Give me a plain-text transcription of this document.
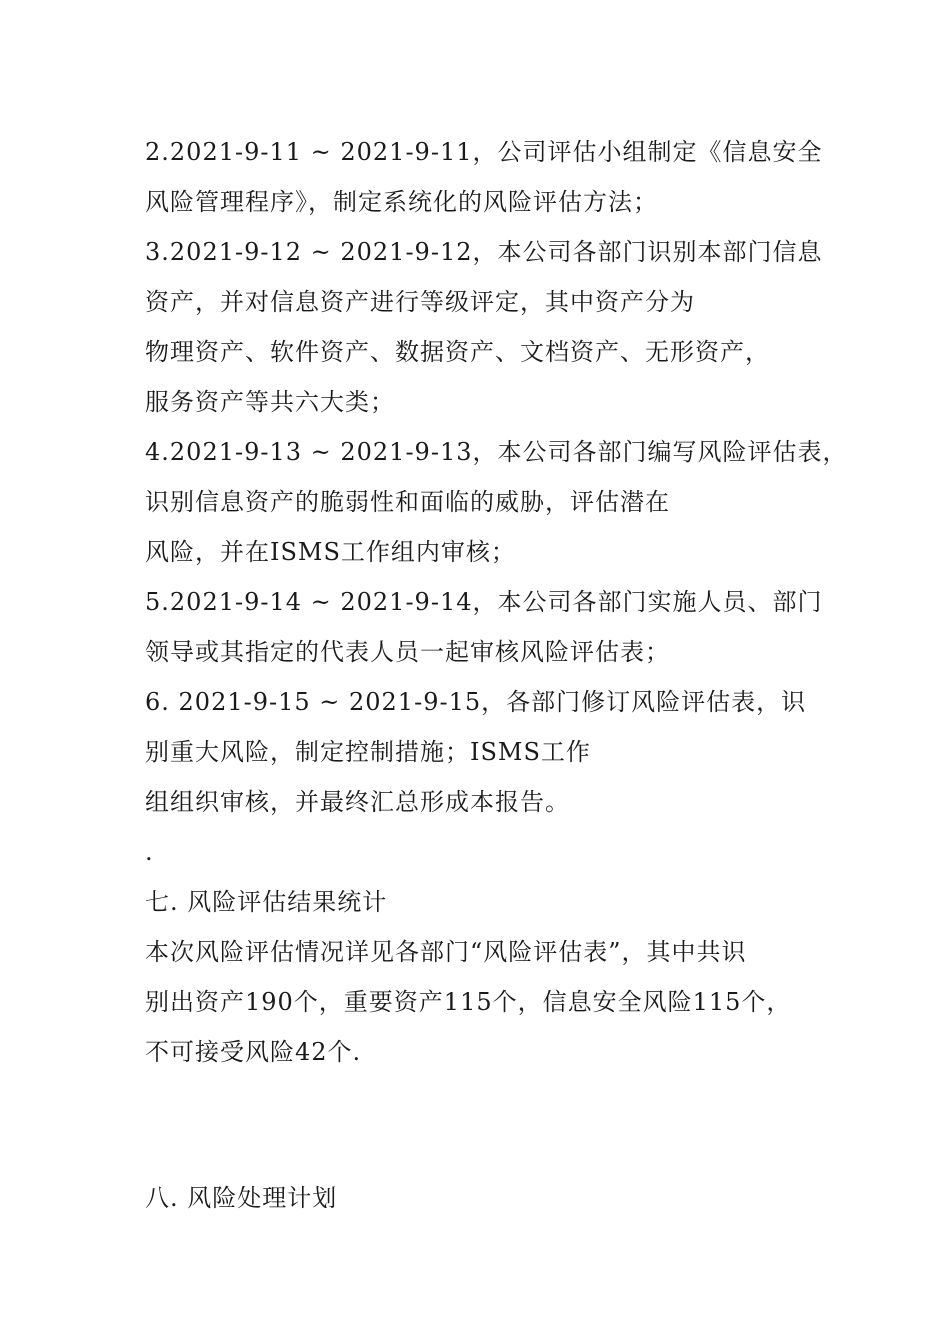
2.2021-9-11 ~ 2021-9-11，公司评估小组制定《信息安全
风险管理程序》，制定系统化的风险评估方法；
3.2021-9-12 ~ 2021-9-12，本公司各部门识别本部门信息
资产，并对信息资产进行等级评定，其中资产分为
物理资产、软件资产、数据资产、文档资产、无形资产，
服务资产等共六大类；
4.2021-9-13 ~ 2021-9-13，本公司各部门编写风险评估表，
识别信息资产的脆弱性和面临的威胁，评估潜在
风险，并在ISMS工作组内审核；
5.2021-9-14 ~ 2021-9-14，本公司各部门实施人员、部门
领导或其指定的代表人员一起审核风险评估表；
6. 2021-9-15 ~ 2021-9-15，各部门修订风险评估表，识
别重大风险，制定控制措施；ISMS工作
组组织审核，并最终汇总形成本报告。
.
七. 风险评估结果统计
本次风险评估情况详见各部门“风险评估表”，其中共识
别出资产190个，重要资产115个，信息安全风险115个，
不可接受风险42个.
八. 风险处理计划
